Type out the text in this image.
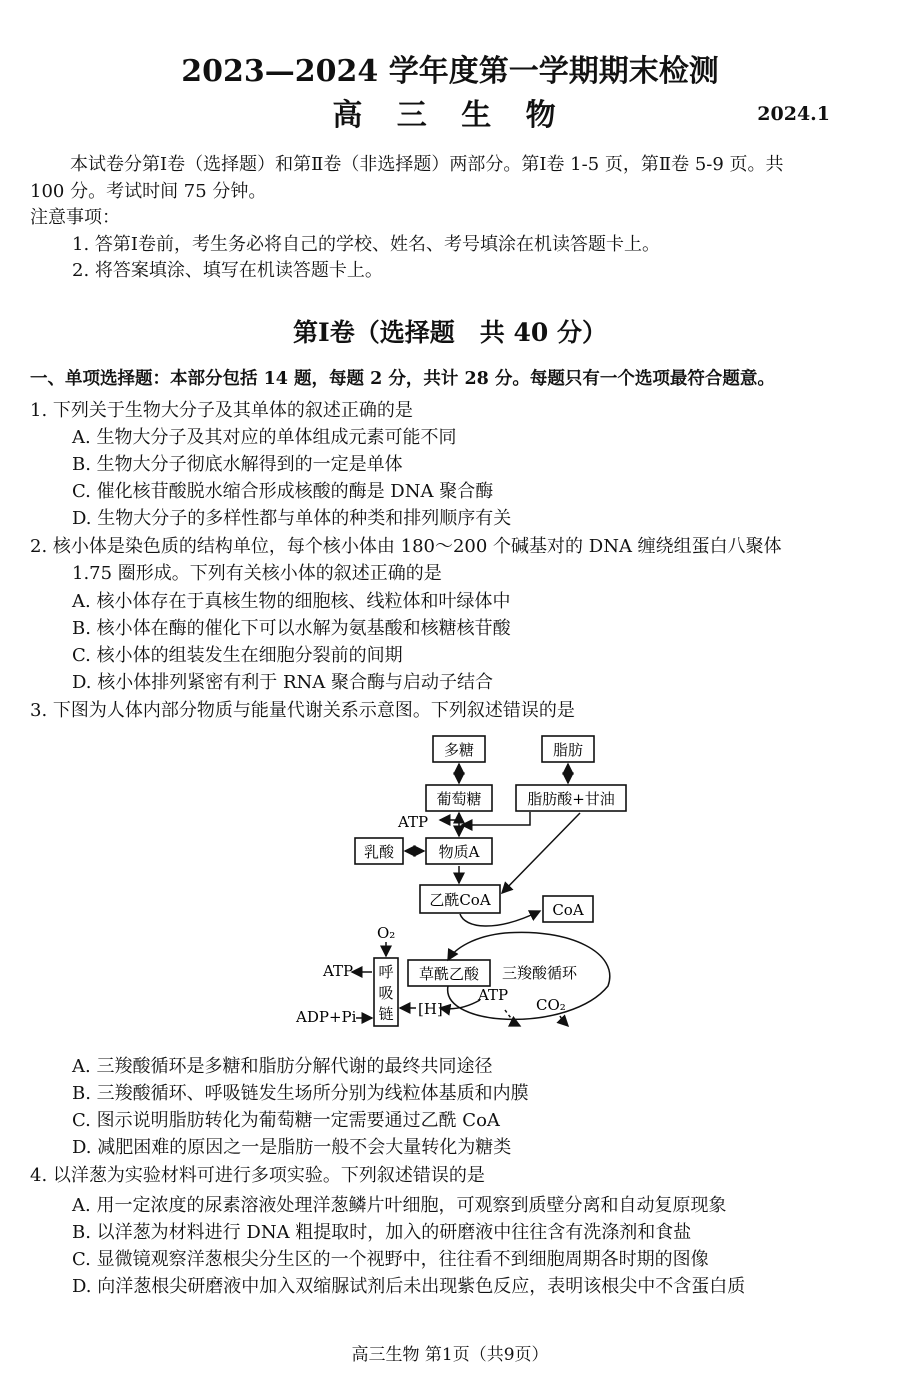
2023—2024 学年度第一学期期末检测
高 三 生 物	2024.1
本试卷分第Ⅰ卷（选择题）和第Ⅱ卷（非选择题）两部分。第Ⅰ卷 1-5 页，第Ⅱ卷 5-9 页。共
100 分。考试时间 75 分钟。
注意事项：
1. 答第Ⅰ卷前，考生务必将自己的学校、姓名、考号填涂在机读答题卡上。
2. 将答案填涂、填写在机读答题卡上。
第Ⅰ卷（选择题　共 40 分）
一、单项选择题：本部分包括 14 题，每题 2 分，共计 28 分。每题只有一个选项最符合题意。
1. 下列关于生物大分子及其单体的叙述正确的是
A. 生物大分子及其对应的单体组成元素可能不同
B. 生物大分子彻底水解得到的一定是单体
C. 催化核苷酸脱水缩合形成核酸的酶是 DNA 聚合酶
D. 生物大分子的多样性都与单体的种类和排列顺序有关
2. 核小体是染色质的结构单位，每个核小体由 180～200 个碱基对的 DNA 缠绕组蛋白八聚体
1.75 圈形成。下列有关核小体的叙述正确的是
A. 核小体存在于真核生物的细胞核、线粒体和叶绿体中
B. 核小体在酶的催化下可以水解为氨基酸和核糖核苷酸
C. 核小体的组装发生在细胞分裂前的间期
D. 核小体排列紧密有利于 RNA 聚合酶与启动子结合
3. 下图为人体内部分物质与能量代谢关系示意图。下列叙述错误的是
多糖	脂肪
葡萄糖	脂肪酸+甘油
ATP
乳酸	物质A
乙酰CoA
CoA
O₂
ATP 呼
吸
链
草酰乙酸 三羧酸循环
ADP+Pi	[H]
ATP
CO₂
A. 三羧酸循环是多糖和脂肪分解代谢的最终共同途径
B. 三羧酸循环、呼吸链发生场所分别为线粒体基质和内膜
C. 图示说明脂肪转化为葡萄糖一定需要通过乙酰 CoA
D. 减肥困难的原因之一是脂肪一般不会大量转化为糖类
4. 以洋葱为实验材料可进行多项实验。下列叙述错误的是
A. 用一定浓度的尿素溶液处理洋葱鳞片叶细胞，可观察到质壁分离和自动复原现象
B. 以洋葱为材料进行 DNA 粗提取时，加入的研磨液中往往含有洗涤剂和食盐
C. 显微镜观察洋葱根尖分生区的一个视野中，往往看不到细胞周期各时期的图像
D. 向洋葱根尖研磨液中加入双缩脲试剂后未出现紫色反应，表明该根尖中不含蛋白质
高三生物 第1页（共9页）
